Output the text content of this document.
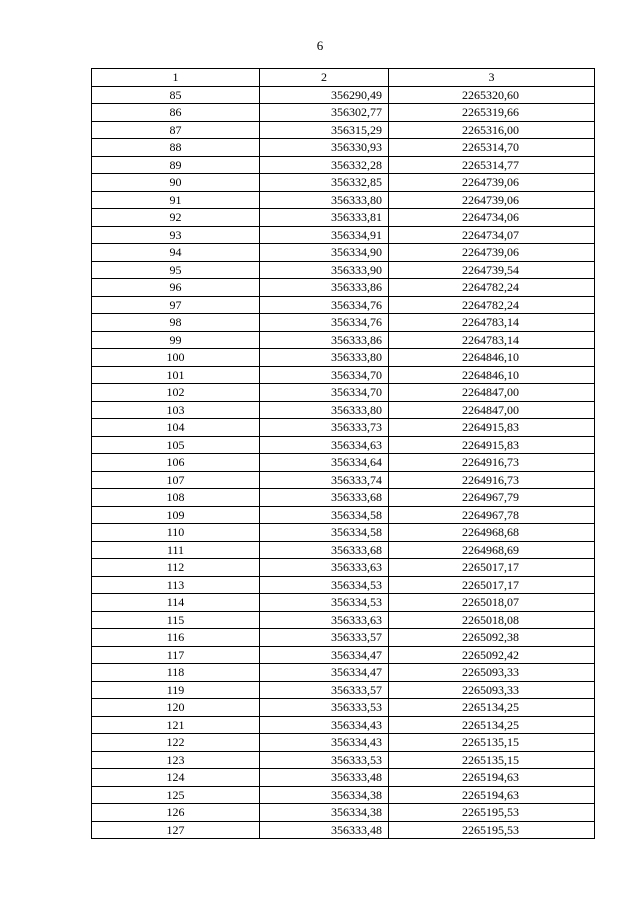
6
1	2	3
85	356290,49	2265320,60
86	356302,77	2265319,66
87	356315,29	2265316,00
88	356330,93	2265314,70
89	356332,28	2265314,77
90	356332,85	2264739,06
91	356333,80	2264739,06
92	356333,81	2264734,06
93	356334,91	2264734,07
94	356334,90	2264739,06
95	356333,90	2264739,54
96	356333,86	2264782,24
97	356334,76	2264782,24
98	356334,76	2264783,14
99	356333,86	2264783,14
100	356333,80	2264846,10
101	356334,70	2264846,10
102	356334,70	2264847,00
103	356333,80	2264847,00
104	356333,73	2264915,83
105	356334,63	2264915,83
106	356334,64	2264916,73
107	356333,74	2264916,73
108	356333,68	2264967,79
109	356334,58	2264967,78
110	356334,58	2264968,68
111	356333,68	2264968,69
112	356333,63	2265017,17
113	356334,53	2265017,17
114	356334,53	2265018,07
115	356333,63	2265018,08
116	356333,57	2265092,38
117	356334,47	2265092,42
118	356334,47	2265093,33
119	356333,57	2265093,33
120	356333,53	2265134,25
121	356334,43	2265134,25
122	356334,43	2265135,15
123	356333,53	2265135,15
124	356333,48	2265194,63
125	356334,38	2265194,63
126	356334,38	2265195,53
127	356333,48	2265195,53
